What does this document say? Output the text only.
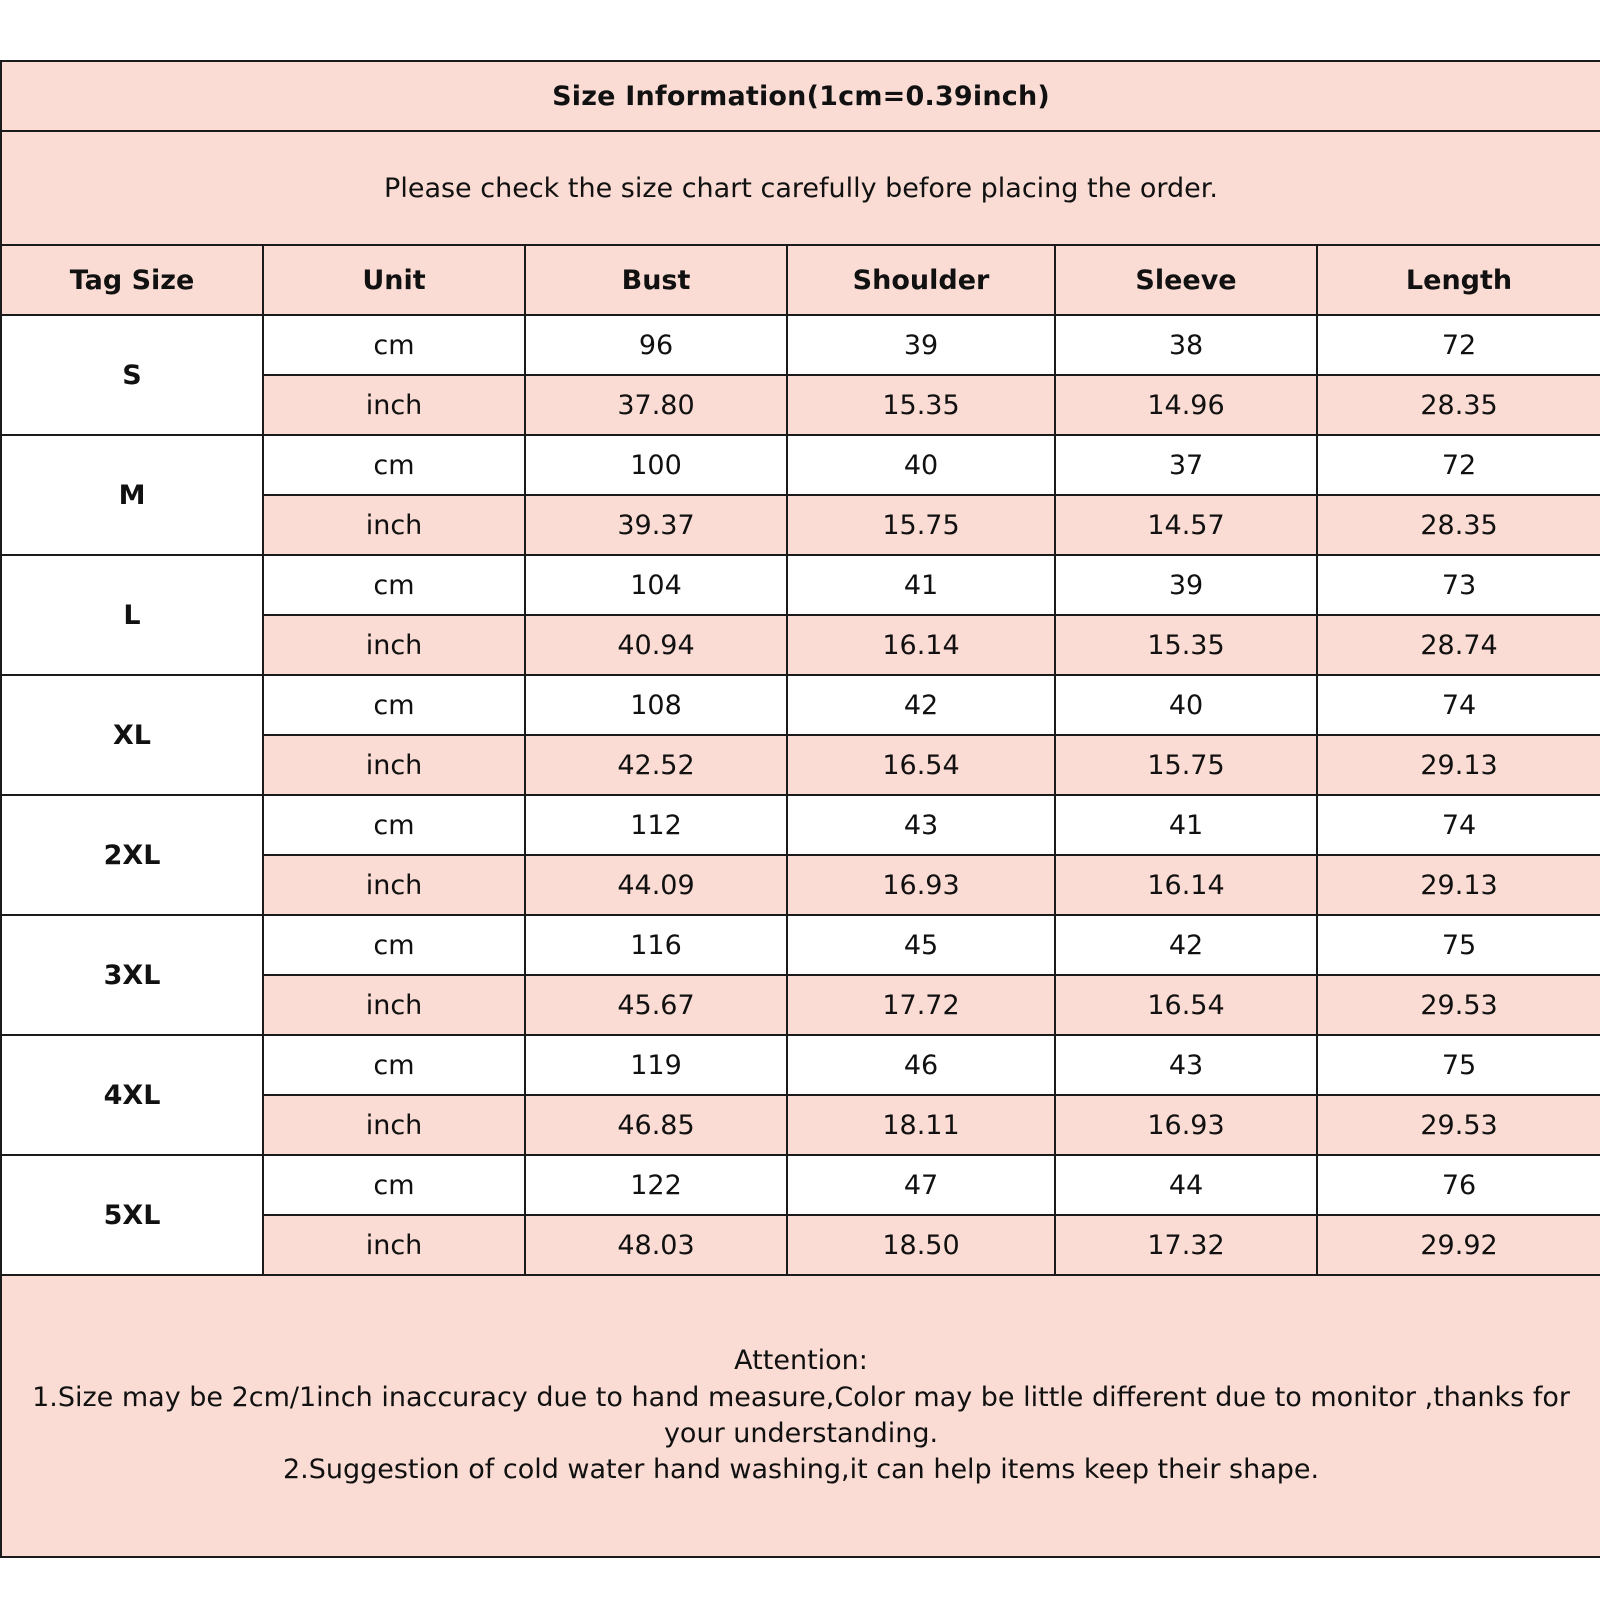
Size Information(1cm=0.39inch)					
Please check the size chart carefully before placing the order.					
Tag Size	Unit	Bust	Shoulder	Sleeve	Length
S	cm	96	39	38	72
	inch	37.80	15.35	14.96	28.35
M	cm	100	40	37	72
	inch	39.37	15.75	14.57	28.35
L	cm	104	41	39	73
	inch	40.94	16.14	15.35	28.74
XL	cm	108	42	40	74
	inch	42.52	16.54	15.75	29.13
2XL	cm	112	43	41	74
	inch	44.09	16.93	16.14	29.13
3XL	cm	116	45	42	75
	inch	45.67	17.72	16.54	29.53
4XL	cm	119	46	43	75
	inch	46.85	18.11	16.93	29.53
5XL	cm	122	47	44	76
	inch	48.03	18.50	17.32	29.92

Attention:
1.Size may be 2cm/1inch inaccuracy due to hand measure,Color may be little different due to monitor ,thanks for your understanding.
2.Suggestion of cold water hand washing,it can help items keep their shape.					
